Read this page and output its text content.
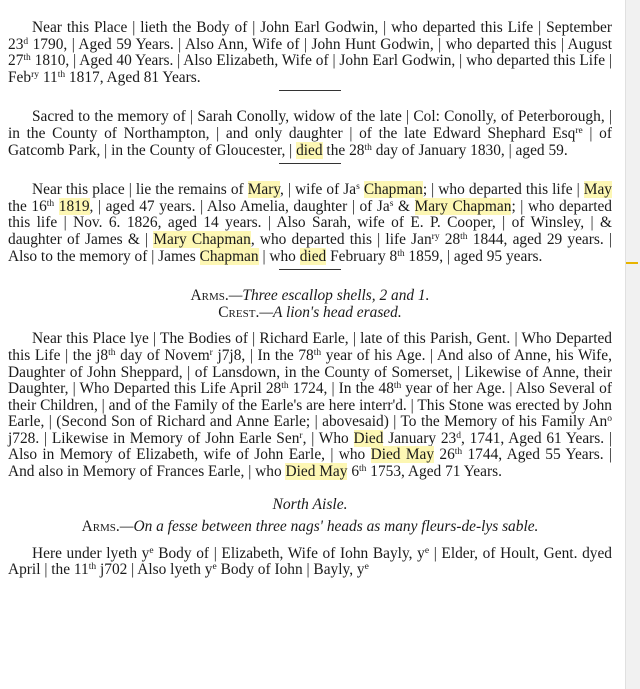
Near this Place | lieth the Body of | John Earl Godwin, | who departed this Life | September 23$^d$ 1790, | Aged 59 Years. | Also Ann, Wife of | John Hunt Godwin, | who departed this | August 27th 1810, | Aged 40 Years. | Also Elizabeth, Wife of | John Earl Godwin, | who departed this Life | Feb$^{ry}$ 11th 1817, Aged 81 Years.

Sacred to the memory of | Sarah Conolly, widow of the late | Col: Conolly, of Peterborough, | in the County of Northampton, | and only daughter | of the late Edward Shephard Esq$^{re}$ | of Gatcomb Park, | in the County of Gloucester, | died the 28th day of January 1830, | aged 59.

Near this place | lie the remains of Mary, | wife of Ja$^s$ Chapman; | who departed this life | May the 16th 1819, | aged 47 years. | Also Amelia, daughter | of Ja$^s$ & Mary Chapman; | who departed this life | Nov. 6. 1826, aged 14 years. | Also Sarah, wife of E. P. Cooper, | of Winsley, | & daughter of James & | Mary Chapman, who departed this | life Jan$^{ry}$ 28th 1844, aged 29 years. | Also to the memory of | James Chapman | who died February 8th 1859, | aged 95 years.

Arms.—Three escallop shells, 2 and 1.

Crest.—A lion's head erased.

Near this Place lye | The Bodies of | Richard Earle, | late of this Parish, Gent. | Who Departed this Life | the j8th day of Novem$^r$ j7j8, | In the 78th year of his Age. | And also of Anne, his Wife, Daughter of John Sheppard, | of Lansdown, in the County of Somerset, | Likewise of Anne, their Daughter, | Who Departed this Life April 28th 1724, | In the 48th year of her Age. | Also Several of their Children, | and of the Family of the Earle's are here interr'd. | This Stone was erected by John Earle, | (Second Son of Richard and Anne Earle; | abovesaid) | To the Memory of his Family An$^o$ j728. | Likewise in Memory of John Earle Sen$^r$, | Who Died January 23$^d$, 1741, Aged 61 Years. | Also in Memory of Elizabeth, wife of John Earle, | who Died May 26th 1744, Aged 55 Years. | And also in Memory of Frances Earle, | who Died May 6th 1753, Aged 71 Years.

North Aisle.

Arms.—On a fesse between three nags' heads as many fleurs-de-lys sable.

Here under lyeth $y^e$ Body of | Elizabeth, Wife of Iohn Bayly, $y^e$ | Elder, of Hoult, Gent. dyed April | the 11th j702 | Also lyeth $y^e$ Body of Iohn | Bayly, $y^e$
